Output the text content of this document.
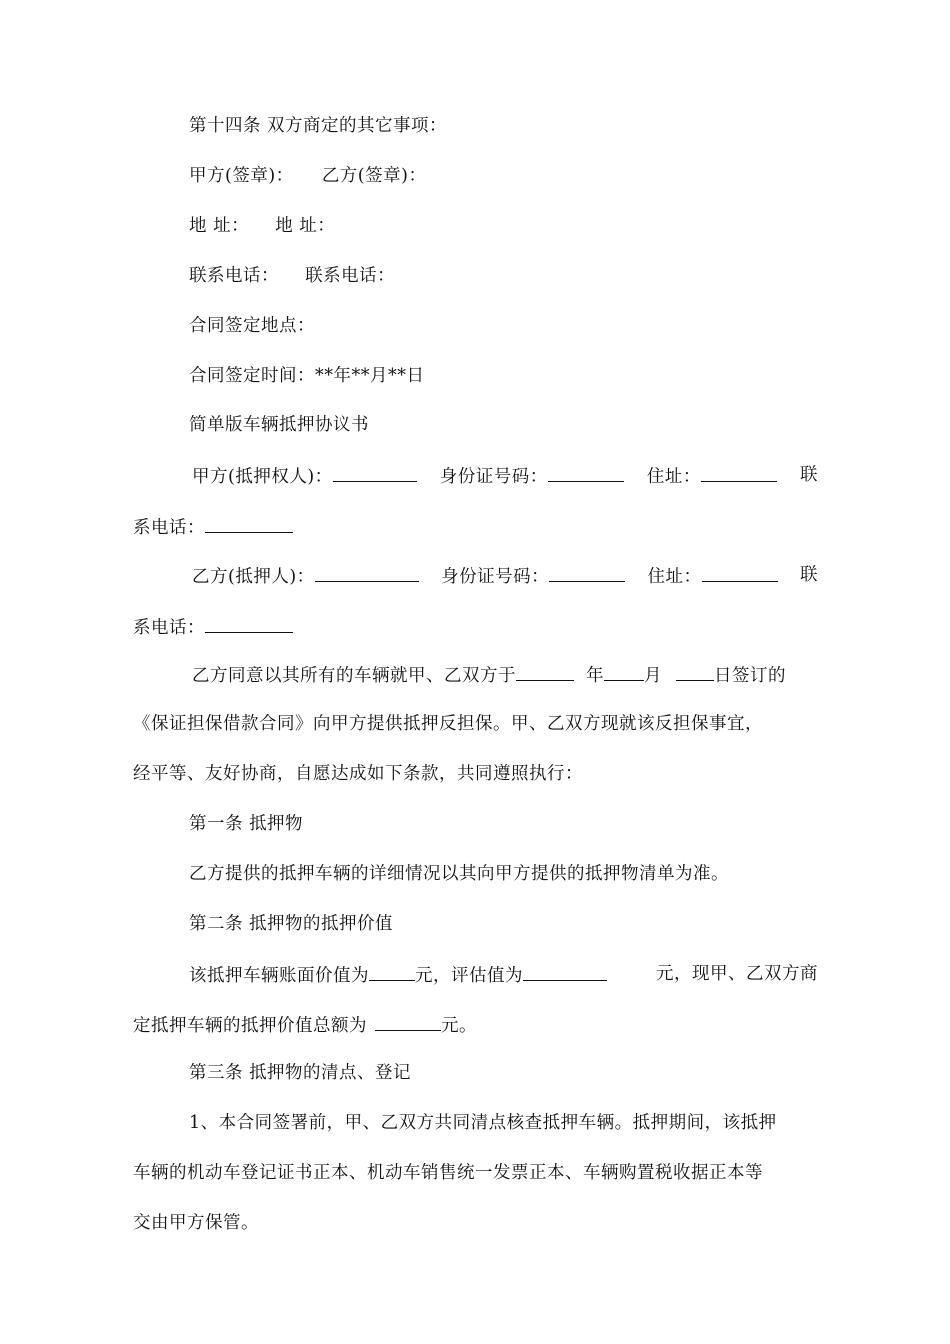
第十四条 双方商定的其它事项：
甲方(签章)： 乙方(签章)：
地 址： 地 址：
联系电话： 联系电话：
合同签定地点：
合同签定时间：**年**月**日
简单版车辆抵押协议书
甲方(抵押权人)：	身份证号码：	住址：	联
系电话：
乙方(抵押人)：	身份证号码：	住址：	联
系电话：
乙方同意以其所有的车辆就甲、乙双方于	年 月	日签订的
《保证担保借款合同》向甲方提供抵押反担保。甲、乙双方现就该反担保事宜，
经平等、友好协商，自愿达成如下条款，共同遵照执行：
第一条 抵押物
乙方提供的抵押车辆的详细情况以其向甲方提供的抵押物清单为准。
第二条 抵押物的抵押价值
该抵押车辆账面价值为	元，评估值为	元，现甲、乙双方商
定抵押车辆的抵押价值总额为	元。
第三条 抵押物的清点、登记
1、本合同签署前，甲、乙双方共同清点核查抵押车辆。抵押期间，该抵押
车辆的机动车登记证书正本、机动车销售统一发票正本、车辆购置税收据正本等
交由甲方保管。
